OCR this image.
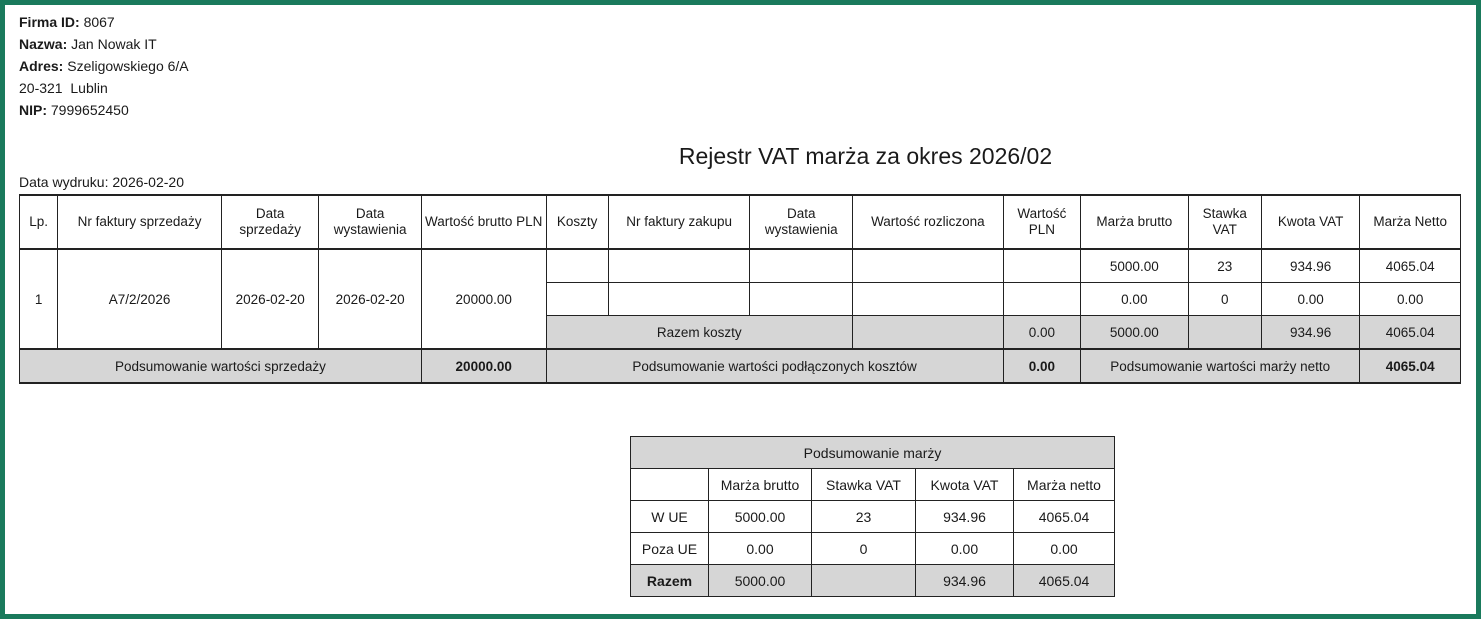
Firma ID: 8067
Nazwa: Jan Nowak IT
Adres: Szeligowskiego 6/A
20-321  Lublin
NIP: 7999652450
Rejestr VAT marża za okres 2026/02
Data wydruku: 2026-02-20
Lp.	Nr faktury sprzedaży	Data sprzedaży	Data wystawienia	Wartość brutto PLN	Koszty	Nr faktury zakupu	Data wystawienia	Wartość rozliczona	Wartość PLN	Marża brutto	Stawka VAT	Kwota VAT	Marża Netto
1	A7/2/2026	2026-02-20	2026-02-20	20000.00						5000.00	23	934.96	4065.04
										0.00	0	0.00	0.00
					Razem koszty				0.00	5000.00		934.96	4065.04
Podsumowanie wartości sprzedaży				20000.00	Podsumowanie wartości podłączonych kosztów				0.00	Podsumowanie wartości marży netto			4065.04
Podsumowanie marży				
	Marża brutto	Stawka VAT	Kwota VAT	Marża netto
W UE	5000.00	23	934.96	4065.04
Poza UE	0.00	0	0.00	0.00
Razem	5000.00		934.96	4065.04
